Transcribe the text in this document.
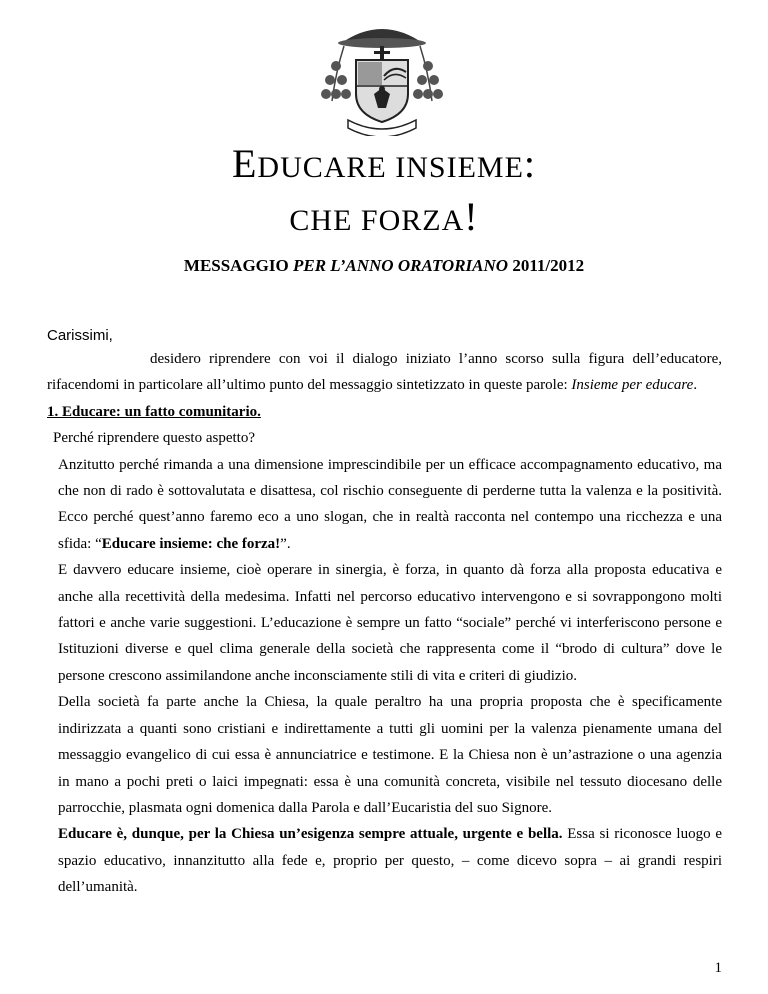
EDUCARE INSIEME:
CHE FORZA!
MESSAGGIO PER L’ANNO ORATORIANO 2011/2012
Carissimi,

desidero riprendere con voi il dialogo iniziato l’anno scorso sulla figura dell’educatore, rifacendomi in particolare all’ultimo punto del messaggio sintetizzato in queste parole: Insieme per educare.

1. Educare: un fatto comunitario.

Perché riprendere questo aspetto?

Anzitutto perché rimanda a una dimensione imprescindibile per un efficace accompagnamento educativo, ma che non di rado è sottovalutata e disattesa, col rischio conseguente di perderne tutta la valenza e la positività. Ecco perché quest’anno faremo eco a uno slogan, che in realtà racconta nel contempo una ricchezza e una sfida: “Educare insieme: che forza!”.

E davvero educare insieme, cioè operare in sinergia, è forza, in quanto dà forza alla proposta educativa e anche alla recettività della medesima. Infatti nel percorso educativo intervengono e si sovrappongono molti fattori e anche varie suggestioni. L’educazione è sempre un fatto “sociale” perché vi interferiscono persone e Istituzioni diverse e quel clima generale della società che rappresenta come il “brodo di cultura” dove le persone crescono assimilandone anche inconsciamente stili di vita e criteri di giudizio.

Della società fa parte anche la Chiesa, la quale peraltro ha una propria proposta che è specificamente indirizzata a quanti sono cristiani e indirettamente a tutti gli uomini per la valenza pienamente umana del messaggio evangelico di cui essa è annunciatrice e testimone. E la Chiesa non è un’astrazione o una agenzia in mano a pochi preti o laici impegnati: essa è una comunità concreta, visibile nel tessuto diocesano delle parrocchie, plasmata ogni domenica dalla Parola e dall’Eucaristia del suo Signore.

Educare è, dunque, per la Chiesa un’esigenza sempre attuale, urgente e bella. Essa si riconosce luogo e spazio educativo, innanzitutto alla fede e, proprio per questo, – come dicevo sopra – ai grandi respiri dell’umanità.

1
